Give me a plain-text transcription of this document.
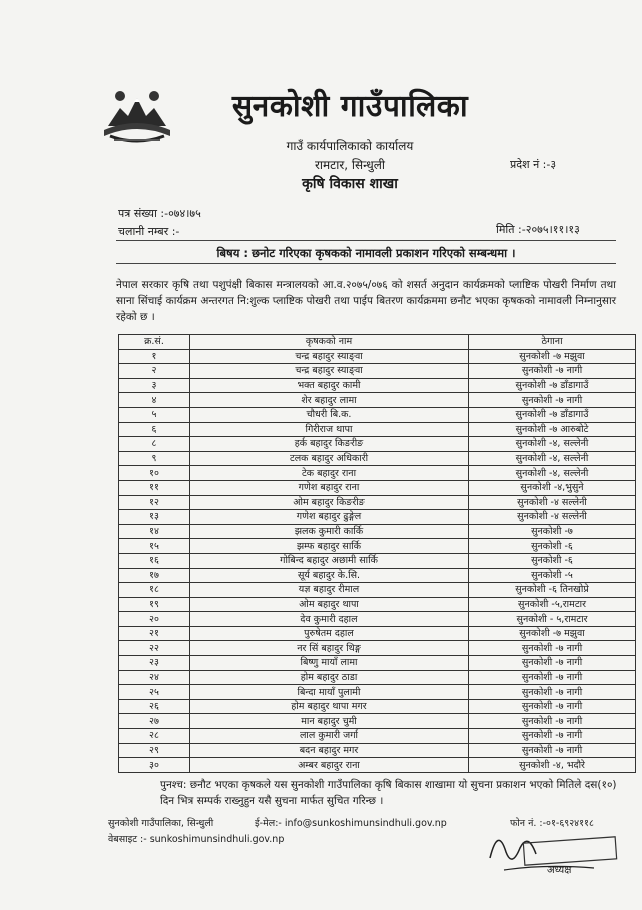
सुनकोशी गाउँपालिका
गाउँ कार्यपालिकाको कार्यालय
रामटार, सिन्धुली
कृषि विकास शाखा
प्रदेश नं :-३
पत्र संख्या :-०७४।७५
चलानी नम्बर :-	मिति :-२०७५।११।१३
बिषय : छनोट गरिएका कृषकको नामावली प्रकाशन गरिएको सम्बन्धमा ।
नेपाल सरकार कृषि तथा पशुपंक्षी बिकास मन्त्रालयको आ.व.२०७५/०७६ को शसर्त अनुदान कार्यक्रमको प्लाष्टिक पोखरी निर्माण तथा साना सिंचाई कार्यक्रम अन्तरगत नि:शुल्क प्लाष्टिक पोखरी तथा पाईप बितरण कार्यक्रममा छनौट भएका कृषकको नामावली निम्नानुसार रहेको छ ।
क्र.सं.	कृषकको नाम	ठेगाना
१	चन्द्र बहादुर स्याङ्वा	सुनकोशी -७ मझुवा
२	चन्द्र बहादुर स्याङ्वा	सुनकोशी -७ नागी
३	भक्त बहादुर कामी	सुनकोशी -७ डाँडागाउँ
४	शेर बहादुर लामा	सुनकोशी -७ नागी
५	चौधरी बि.क.	सुनकोशी -७ डाँडागाउँ
६	गिरीराज थापा	सुनकोशी -७ आरुबोटे
८	हर्क बहादुर किङरीङ	सुनकोशी -४, सल्लेनी
९	टलक बहादुर अधिकारी	सुनकोशी -४, सल्लेनी
१०	टेक बहादुर राना	सुनकोशी -४, सल्लेनी
११	गणेश बहादुर राना	सुनकोशी -४,भुसुने
१२	ओम बहादुर किङरीङ	सुनकोशी -४ सल्लेनी
१३	गणेश बहादुर ढुङ्गेल	सुनकोशी -४ सल्लेनी
१४	झलक कुमारी कार्कि	सुनकोशी -७
१५	झम्फ बहादुर सार्कि	सुनकोशी -६
१६	गोबिन्द बहादुर अछामी सार्कि	सुनकोशी -६
१७	सूर्य बहादुर के.सि.	सुनकोशी -५
१८	यज्ञ बहादुर रीमाल	सुनकोशी -६ तिनखोप्रे
१९	ओम बहादुर थापा	सुनकोशी -५,रामटार
२०	देव कुमारी दहाल	सुनकोशी - ५,रामटार
२१	पुरुषेतम दहाल	सुनकोशी -७ मझुवा
२२	नर सिं बहादुर थिङ्ग	सुनकोशी -७ नागी
२३	बिष्णु मायाँ लामा	सुनकोशी -७ नागी
२४	होम बहादुर ठाडा	सुनकोशी -७ नागी
२५	बिन्दा मायाँ पुलामी	सुनकोशी -७ नागी
२६	होम बहादुर थापा मगर	सुनकोशी -७ नागी
२७	मान बहादुर चुमी	सुनकोशी -७ नागी
२८	लाल कुमारी जर्गा	सुनकोशी -७ नागी
२९	बदन बहादुर मगर	सुनकोशी -७ नागी
३०	अम्बर बहादुर राना	सुनकोशी -४, भदौरे
पुनश्च: छनौट भएका कृषकले यस सुनकोशी गाउँपालिका कृषि बिकास शाखामा यो सुचना प्रकाशन भएको मितिले दस(१०) दिन भित्र सम्पर्क राख्नुहुन यसै सुचना मार्फत सुचित गरिन्छ ।
सुनकोशी गाउँपालिका, सिन्धुली	ई-मेल:- info@sunkoshimunsindhuli.gov.np	फोन नं. :-०१-६९२४११८
वेबसाइट :- sunkoshimunsindhuli.gov.np
अध्यक्ष
